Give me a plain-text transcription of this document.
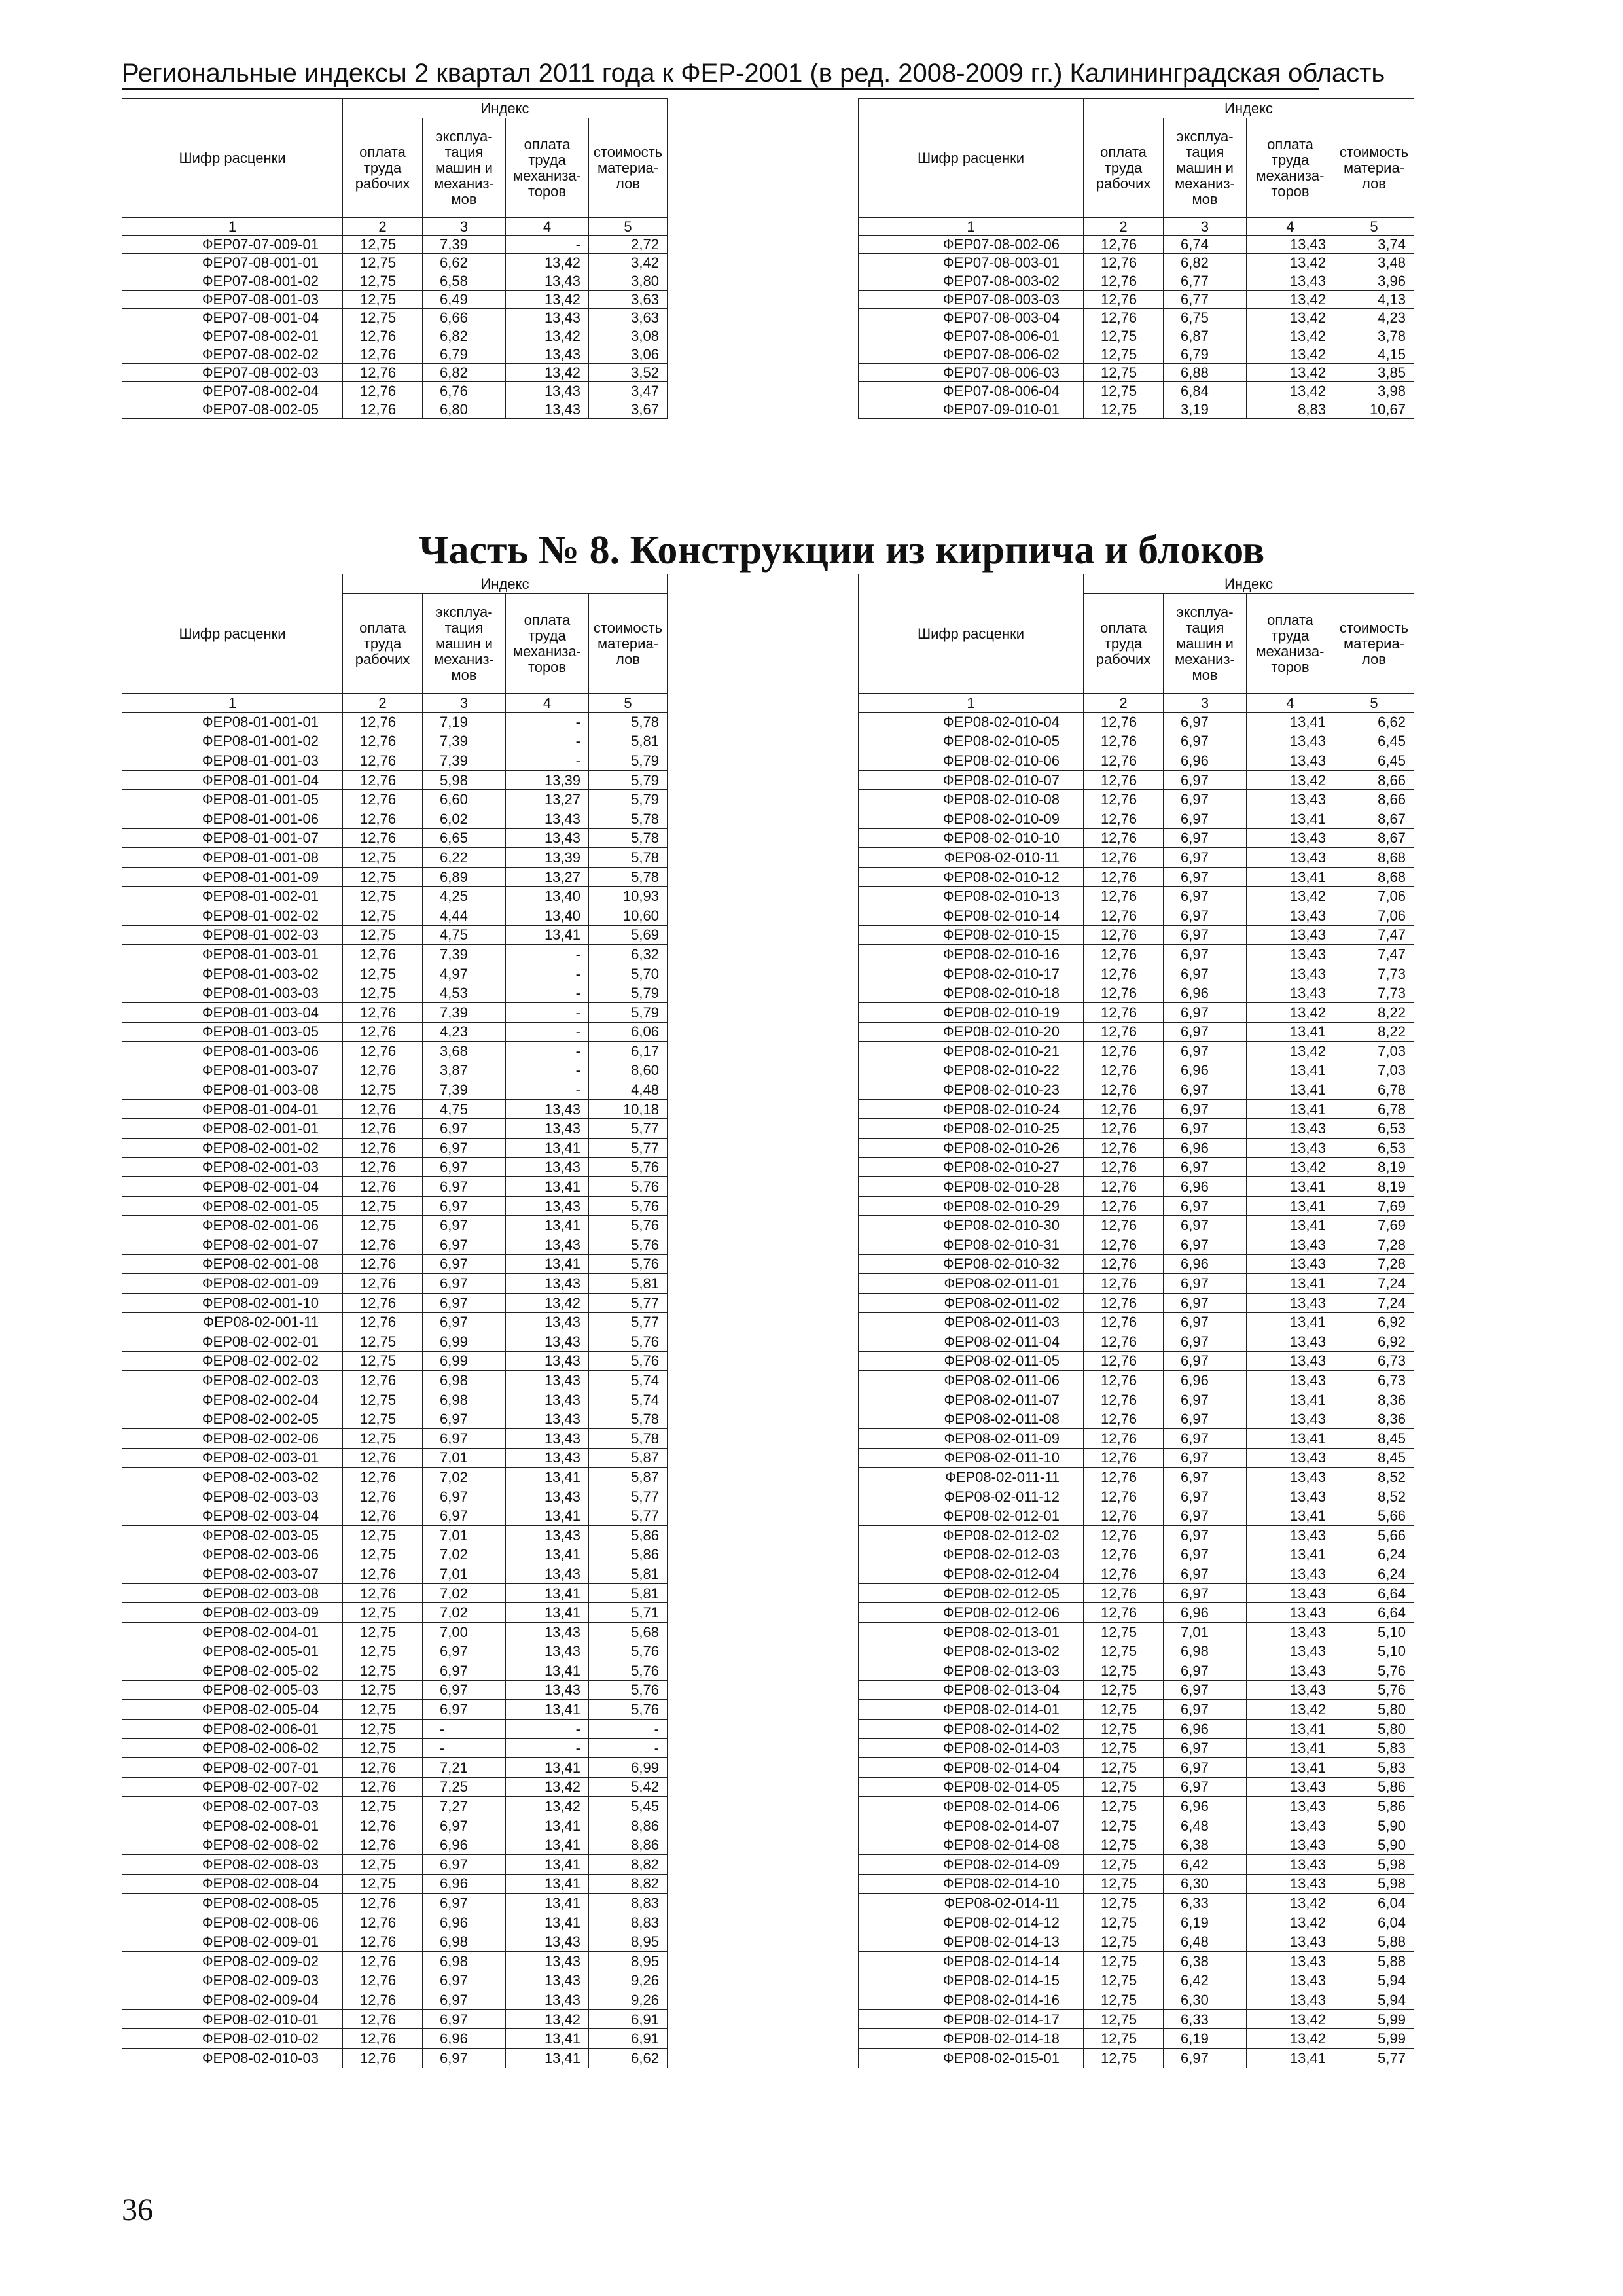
Региональные индексы 2 квартал 2011 года к ФЕР-2001 (в ред. 2008-2009 гг.) Калининградская область
Шифр расценки	Индекс			
	оплата труда рабочих	эксплуа-тация машин и механиз-мов	оплата труда механиза-торов	стоимость материа-лов
1	2	3	4	5
ФЕР07-07-009-01	12,75	7,39	-	2,72
ФЕР07-08-001-01	12,75	6,62	13,42	3,42
ФЕР07-08-001-02	12,75	6,58	13,43	3,80
ФЕР07-08-001-03	12,75	6,49	13,42	3,63
ФЕР07-08-001-04	12,75	6,66	13,43	3,63
ФЕР07-08-002-01	12,76	6,82	13,42	3,08
ФЕР07-08-002-02	12,76	6,79	13,43	3,06
ФЕР07-08-002-03	12,76	6,82	13,42	3,52
ФЕР07-08-002-04	12,76	6,76	13,43	3,47
ФЕР07-08-002-05	12,76	6,80	13,43	3,67
Шифр расценки	Индекс			
	оплата труда рабочих	эксплуа-тация машин и механиз-мов	оплата труда механиза-торов	стоимость материа-лов
1	2	3	4	5
ФЕР07-08-002-06	12,76	6,74	13,43	3,74
ФЕР07-08-003-01	12,76	6,82	13,42	3,48
ФЕР07-08-003-02	12,76	6,77	13,43	3,96
ФЕР07-08-003-03	12,76	6,77	13,42	4,13
ФЕР07-08-003-04	12,76	6,75	13,42	4,23
ФЕР07-08-006-01	12,75	6,87	13,42	3,78
ФЕР07-08-006-02	12,75	6,79	13,42	4,15
ФЕР07-08-006-03	12,75	6,88	13,42	3,85
ФЕР07-08-006-04	12,75	6,84	13,42	3,98
ФЕР07-09-010-01	12,75	3,19	8,83	10,67
Часть № 8. Конструкции из кирпича и блоков
Шифр расценки	Индекс			
	оплата труда рабочих	эксплуа-тация машин и механиз-мов	оплата труда механиза-торов	стоимость материа-лов
1	2	3	4	5
ФЕР08-01-001-01	12,76	7,19	-	5,78
ФЕР08-01-001-02	12,76	7,39	-	5,81
ФЕР08-01-001-03	12,76	7,39	-	5,79
ФЕР08-01-001-04	12,76	5,98	13,39	5,79
ФЕР08-01-001-05	12,76	6,60	13,27	5,79
ФЕР08-01-001-06	12,76	6,02	13,43	5,78
ФЕР08-01-001-07	12,76	6,65	13,43	5,78
ФЕР08-01-001-08	12,75	6,22	13,39	5,78
ФЕР08-01-001-09	12,75	6,89	13,27	5,78
ФЕР08-01-002-01	12,75	4,25	13,40	10,93
ФЕР08-01-002-02	12,75	4,44	13,40	10,60
ФЕР08-01-002-03	12,75	4,75	13,41	5,69
ФЕР08-01-003-01	12,76	7,39	-	6,32
ФЕР08-01-003-02	12,75	4,97	-	5,70
ФЕР08-01-003-03	12,75	4,53	-	5,79
ФЕР08-01-003-04	12,76	7,39	-	5,79
ФЕР08-01-003-05	12,76	4,23	-	6,06
ФЕР08-01-003-06	12,76	3,68	-	6,17
ФЕР08-01-003-07	12,76	3,87	-	8,60
ФЕР08-01-003-08	12,75	7,39	-	4,48
ФЕР08-01-004-01	12,76	4,75	13,43	10,18
ФЕР08-02-001-01	12,76	6,97	13,43	5,77
ФЕР08-02-001-02	12,76	6,97	13,41	5,77
ФЕР08-02-001-03	12,76	6,97	13,43	5,76
ФЕР08-02-001-04	12,76	6,97	13,41	5,76
ФЕР08-02-001-05	12,75	6,97	13,43	5,76
ФЕР08-02-001-06	12,75	6,97	13,41	5,76
ФЕР08-02-001-07	12,76	6,97	13,43	5,76
ФЕР08-02-001-08	12,76	6,97	13,41	5,76
ФЕР08-02-001-09	12,76	6,97	13,43	5,81
ФЕР08-02-001-10	12,76	6,97	13,42	5,77
ФЕР08-02-001-11	12,76	6,97	13,43	5,77
ФЕР08-02-002-01	12,75	6,99	13,43	5,76
ФЕР08-02-002-02	12,75	6,99	13,43	5,76
ФЕР08-02-002-03	12,76	6,98	13,43	5,74
ФЕР08-02-002-04	12,75	6,98	13,43	5,74
ФЕР08-02-002-05	12,75	6,97	13,43	5,78
ФЕР08-02-002-06	12,75	6,97	13,43	5,78
ФЕР08-02-003-01	12,76	7,01	13,43	5,87
ФЕР08-02-003-02	12,76	7,02	13,41	5,87
ФЕР08-02-003-03	12,76	6,97	13,43	5,77
ФЕР08-02-003-04	12,76	6,97	13,41	5,77
ФЕР08-02-003-05	12,75	7,01	13,43	5,86
ФЕР08-02-003-06	12,75	7,02	13,41	5,86
ФЕР08-02-003-07	12,76	7,01	13,43	5,81
ФЕР08-02-003-08	12,76	7,02	13,41	5,81
ФЕР08-02-003-09	12,75	7,02	13,41	5,71
ФЕР08-02-004-01	12,75	7,00	13,43	5,68
ФЕР08-02-005-01	12,75	6,97	13,43	5,76
ФЕР08-02-005-02	12,75	6,97	13,41	5,76
ФЕР08-02-005-03	12,75	6,97	13,43	5,76
ФЕР08-02-005-04	12,75	6,97	13,41	5,76
ФЕР08-02-006-01	12,75	-	-	-
ФЕР08-02-006-02	12,75	-	-	-
ФЕР08-02-007-01	12,76	7,21	13,41	6,99
ФЕР08-02-007-02	12,76	7,25	13,42	5,42
ФЕР08-02-007-03	12,75	7,27	13,42	5,45
ФЕР08-02-008-01	12,76	6,97	13,41	8,86
ФЕР08-02-008-02	12,76	6,96	13,41	8,86
ФЕР08-02-008-03	12,75	6,97	13,41	8,82
ФЕР08-02-008-04	12,75	6,96	13,41	8,82
ФЕР08-02-008-05	12,76	6,97	13,41	8,83
ФЕР08-02-008-06	12,76	6,96	13,41	8,83
ФЕР08-02-009-01	12,76	6,98	13,43	8,95
ФЕР08-02-009-02	12,76	6,98	13,43	8,95
ФЕР08-02-009-03	12,76	6,97	13,43	9,26
ФЕР08-02-009-04	12,76	6,97	13,43	9,26
ФЕР08-02-010-01	12,76	6,97	13,42	6,91
ФЕР08-02-010-02	12,76	6,96	13,41	6,91
ФЕР08-02-010-03	12,76	6,97	13,41	6,62
Шифр расценки	Индекс			
	оплата труда рабочих	эксплуа-тация машин и механиз-мов	оплата труда механиза-торов	стоимость материа-лов
1	2	3	4	5
ФЕР08-02-010-04	12,76	6,97	13,41	6,62
ФЕР08-02-010-05	12,76	6,97	13,43	6,45
ФЕР08-02-010-06	12,76	6,96	13,43	6,45
ФЕР08-02-010-07	12,76	6,97	13,42	8,66
ФЕР08-02-010-08	12,76	6,97	13,43	8,66
ФЕР08-02-010-09	12,76	6,97	13,41	8,67
ФЕР08-02-010-10	12,76	6,97	13,43	8,67
ФЕР08-02-010-11	12,76	6,97	13,43	8,68
ФЕР08-02-010-12	12,76	6,97	13,41	8,68
ФЕР08-02-010-13	12,76	6,97	13,42	7,06
ФЕР08-02-010-14	12,76	6,97	13,43	7,06
ФЕР08-02-010-15	12,76	6,97	13,43	7,47
ФЕР08-02-010-16	12,76	6,97	13,43	7,47
ФЕР08-02-010-17	12,76	6,97	13,43	7,73
ФЕР08-02-010-18	12,76	6,96	13,43	7,73
ФЕР08-02-010-19	12,76	6,97	13,42	8,22
ФЕР08-02-010-20	12,76	6,97	13,41	8,22
ФЕР08-02-010-21	12,76	6,97	13,42	7,03
ФЕР08-02-010-22	12,76	6,96	13,41	7,03
ФЕР08-02-010-23	12,76	6,97	13,41	6,78
ФЕР08-02-010-24	12,76	6,97	13,41	6,78
ФЕР08-02-010-25	12,76	6,97	13,43	6,53
ФЕР08-02-010-26	12,76	6,96	13,43	6,53
ФЕР08-02-010-27	12,76	6,97	13,42	8,19
ФЕР08-02-010-28	12,76	6,96	13,41	8,19
ФЕР08-02-010-29	12,76	6,97	13,41	7,69
ФЕР08-02-010-30	12,76	6,97	13,41	7,69
ФЕР08-02-010-31	12,76	6,97	13,43	7,28
ФЕР08-02-010-32	12,76	6,96	13,43	7,28
ФЕР08-02-011-01	12,76	6,97	13,41	7,24
ФЕР08-02-011-02	12,76	6,97	13,43	7,24
ФЕР08-02-011-03	12,76	6,97	13,41	6,92
ФЕР08-02-011-04	12,76	6,97	13,43	6,92
ФЕР08-02-011-05	12,76	6,97	13,43	6,73
ФЕР08-02-011-06	12,76	6,96	13,43	6,73
ФЕР08-02-011-07	12,76	6,97	13,41	8,36
ФЕР08-02-011-08	12,76	6,97	13,43	8,36
ФЕР08-02-011-09	12,76	6,97	13,41	8,45
ФЕР08-02-011-10	12,76	6,97	13,43	8,45
ФЕР08-02-011-11	12,76	6,97	13,43	8,52
ФЕР08-02-011-12	12,76	6,97	13,43	8,52
ФЕР08-02-012-01	12,76	6,97	13,41	5,66
ФЕР08-02-012-02	12,76	6,97	13,43	5,66
ФЕР08-02-012-03	12,76	6,97	13,41	6,24
ФЕР08-02-012-04	12,76	6,97	13,43	6,24
ФЕР08-02-012-05	12,76	6,97	13,43	6,64
ФЕР08-02-012-06	12,76	6,96	13,43	6,64
ФЕР08-02-013-01	12,75	7,01	13,43	5,10
ФЕР08-02-013-02	12,75	6,98	13,43	5,10
ФЕР08-02-013-03	12,75	6,97	13,43	5,76
ФЕР08-02-013-04	12,75	6,97	13,43	5,76
ФЕР08-02-014-01	12,75	6,97	13,42	5,80
ФЕР08-02-014-02	12,75	6,96	13,41	5,80
ФЕР08-02-014-03	12,75	6,97	13,41	5,83
ФЕР08-02-014-04	12,75	6,97	13,41	5,83
ФЕР08-02-014-05	12,75	6,97	13,43	5,86
ФЕР08-02-014-06	12,75	6,96	13,43	5,86
ФЕР08-02-014-07	12,75	6,48	13,43	5,90
ФЕР08-02-014-08	12,75	6,38	13,43	5,90
ФЕР08-02-014-09	12,75	6,42	13,43	5,98
ФЕР08-02-014-10	12,75	6,30	13,43	5,98
ФЕР08-02-014-11	12,75	6,33	13,42	6,04
ФЕР08-02-014-12	12,75	6,19	13,42	6,04
ФЕР08-02-014-13	12,75	6,48	13,43	5,88
ФЕР08-02-014-14	12,75	6,38	13,43	5,88
ФЕР08-02-014-15	12,75	6,42	13,43	5,94
ФЕР08-02-014-16	12,75	6,30	13,43	5,94
ФЕР08-02-014-17	12,75	6,33	13,42	5,99
ФЕР08-02-014-18	12,75	6,19	13,42	5,99
ФЕР08-02-015-01	12,75	6,97	13,41	5,77
36
